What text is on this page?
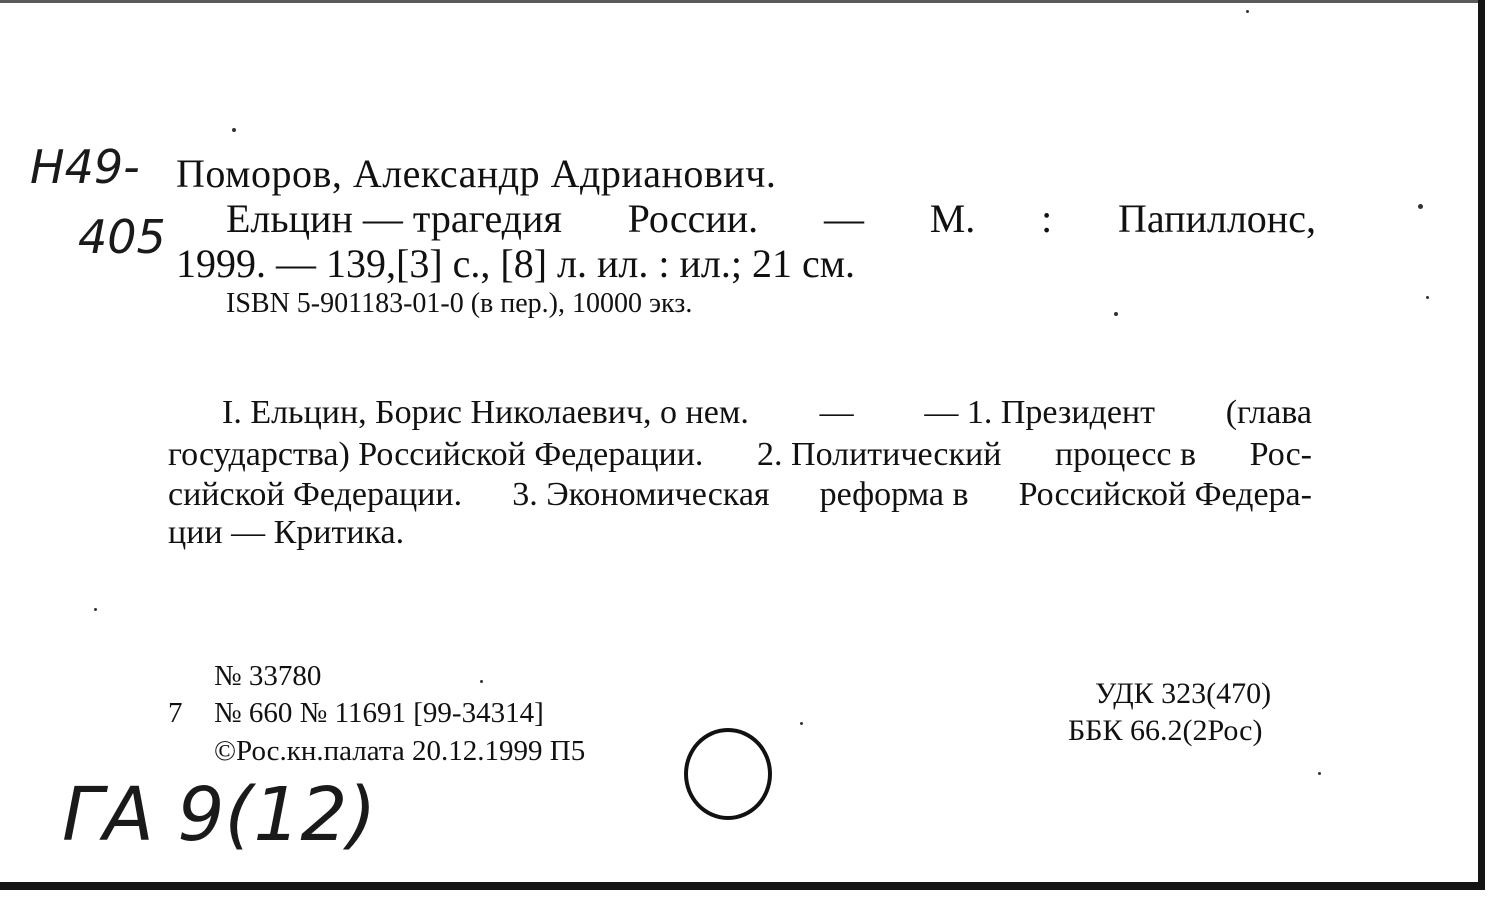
Н49-
405
Поморов, Александр Адрианович.
Ельцин — трагедия России. — М. : Папиллонс,
1999. — 139,[3] с., [8] л. ил. : ил.; 21 см.
ISBN 5-901183-01-0 (в пер.), 10000 экз.
I. Ельцин, Борис Николаевич, о нем. — — 1. Президент (глава
государства) Российской Федерации. 2. Политический процесс в Рос-
сийской Федерации. 3. Экономическая реформа в Российской Федера-
ции — Критика.
№ 33780
7 № 660 № 11691 [99-34314]
©Рос.кн.палата 20.12.1999 П5
УДК 323(470)
ББК 66.2(2Рос)
ГА 9(12)
